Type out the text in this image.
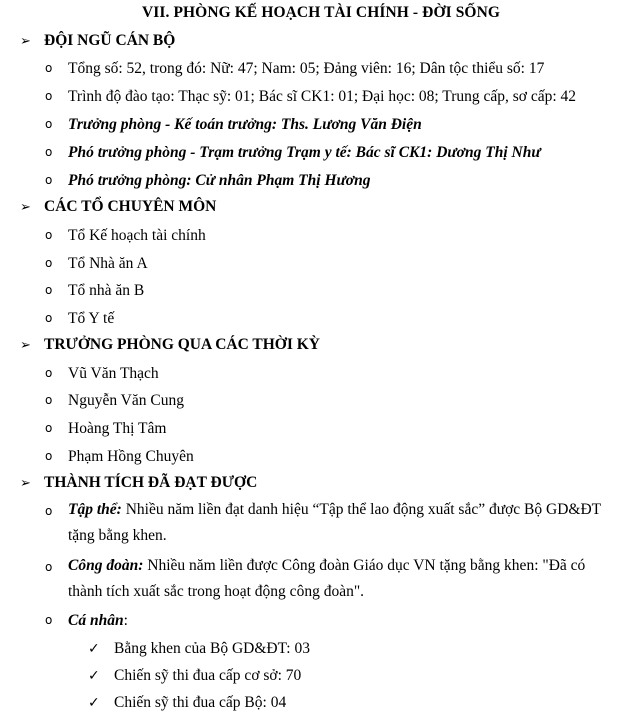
VII. PHÒNG KẾ HOẠCH TÀI CHÍNH - ĐỜI SỐNG
➢ ĐỘI NGŨ CÁN BỘ
o	Tổng số: 52, trong đó: Nữ: 47; Nam: 05; Đảng viên: 16; Dân tộc thiểu số: 17
o	Trình độ đào tạo: Thạc sỹ: 01; Bác sĩ CK1: 01; Đại học: 08; Trung cấp, sơ cấp: 42
o	Trưởng phòng - Kế toán trưởng: Ths. Lương Văn Điện
o	Phó trưởng phòng - Trạm trưởng Trạm y tế: Bác sĩ CK1: Dương Thị Như
o	Phó trưởng phòng: Cử nhân Phạm Thị Hương
➢ CÁC TỔ CHUYÊN MÔN
o	Tổ Kế hoạch tài chính
o	Tổ Nhà ăn A
o	Tổ nhà ăn B
o	Tổ Y tế
➢ TRƯỞNG PHÒNG QUA CÁC THỜI KỲ
o	Vũ Văn Thạch
o	Nguyễn Văn Cung
o	Hoàng Thị Tâm
o	Phạm Hồng Chuyên
➢ THÀNH TÍCH ĐÃ ĐẠT ĐƯỢC
o	Tập thể: Nhiều năm liền đạt danh hiệu “Tập thể lao động xuất sắc” được Bộ GD&ĐT tặng bằng khen.
o	Công đoàn: Nhiều năm liền được Công đoàn Giáo dục VN tặng bằng khen: "Đã có thành tích xuất sắc trong hoạt động công đoàn".
o	Cá nhân:
✓ Bằng khen của Bộ GD&ĐT: 03
✓ Chiến sỹ thi đua cấp cơ sở: 70
✓ Chiến sỹ thi đua cấp Bộ: 04
